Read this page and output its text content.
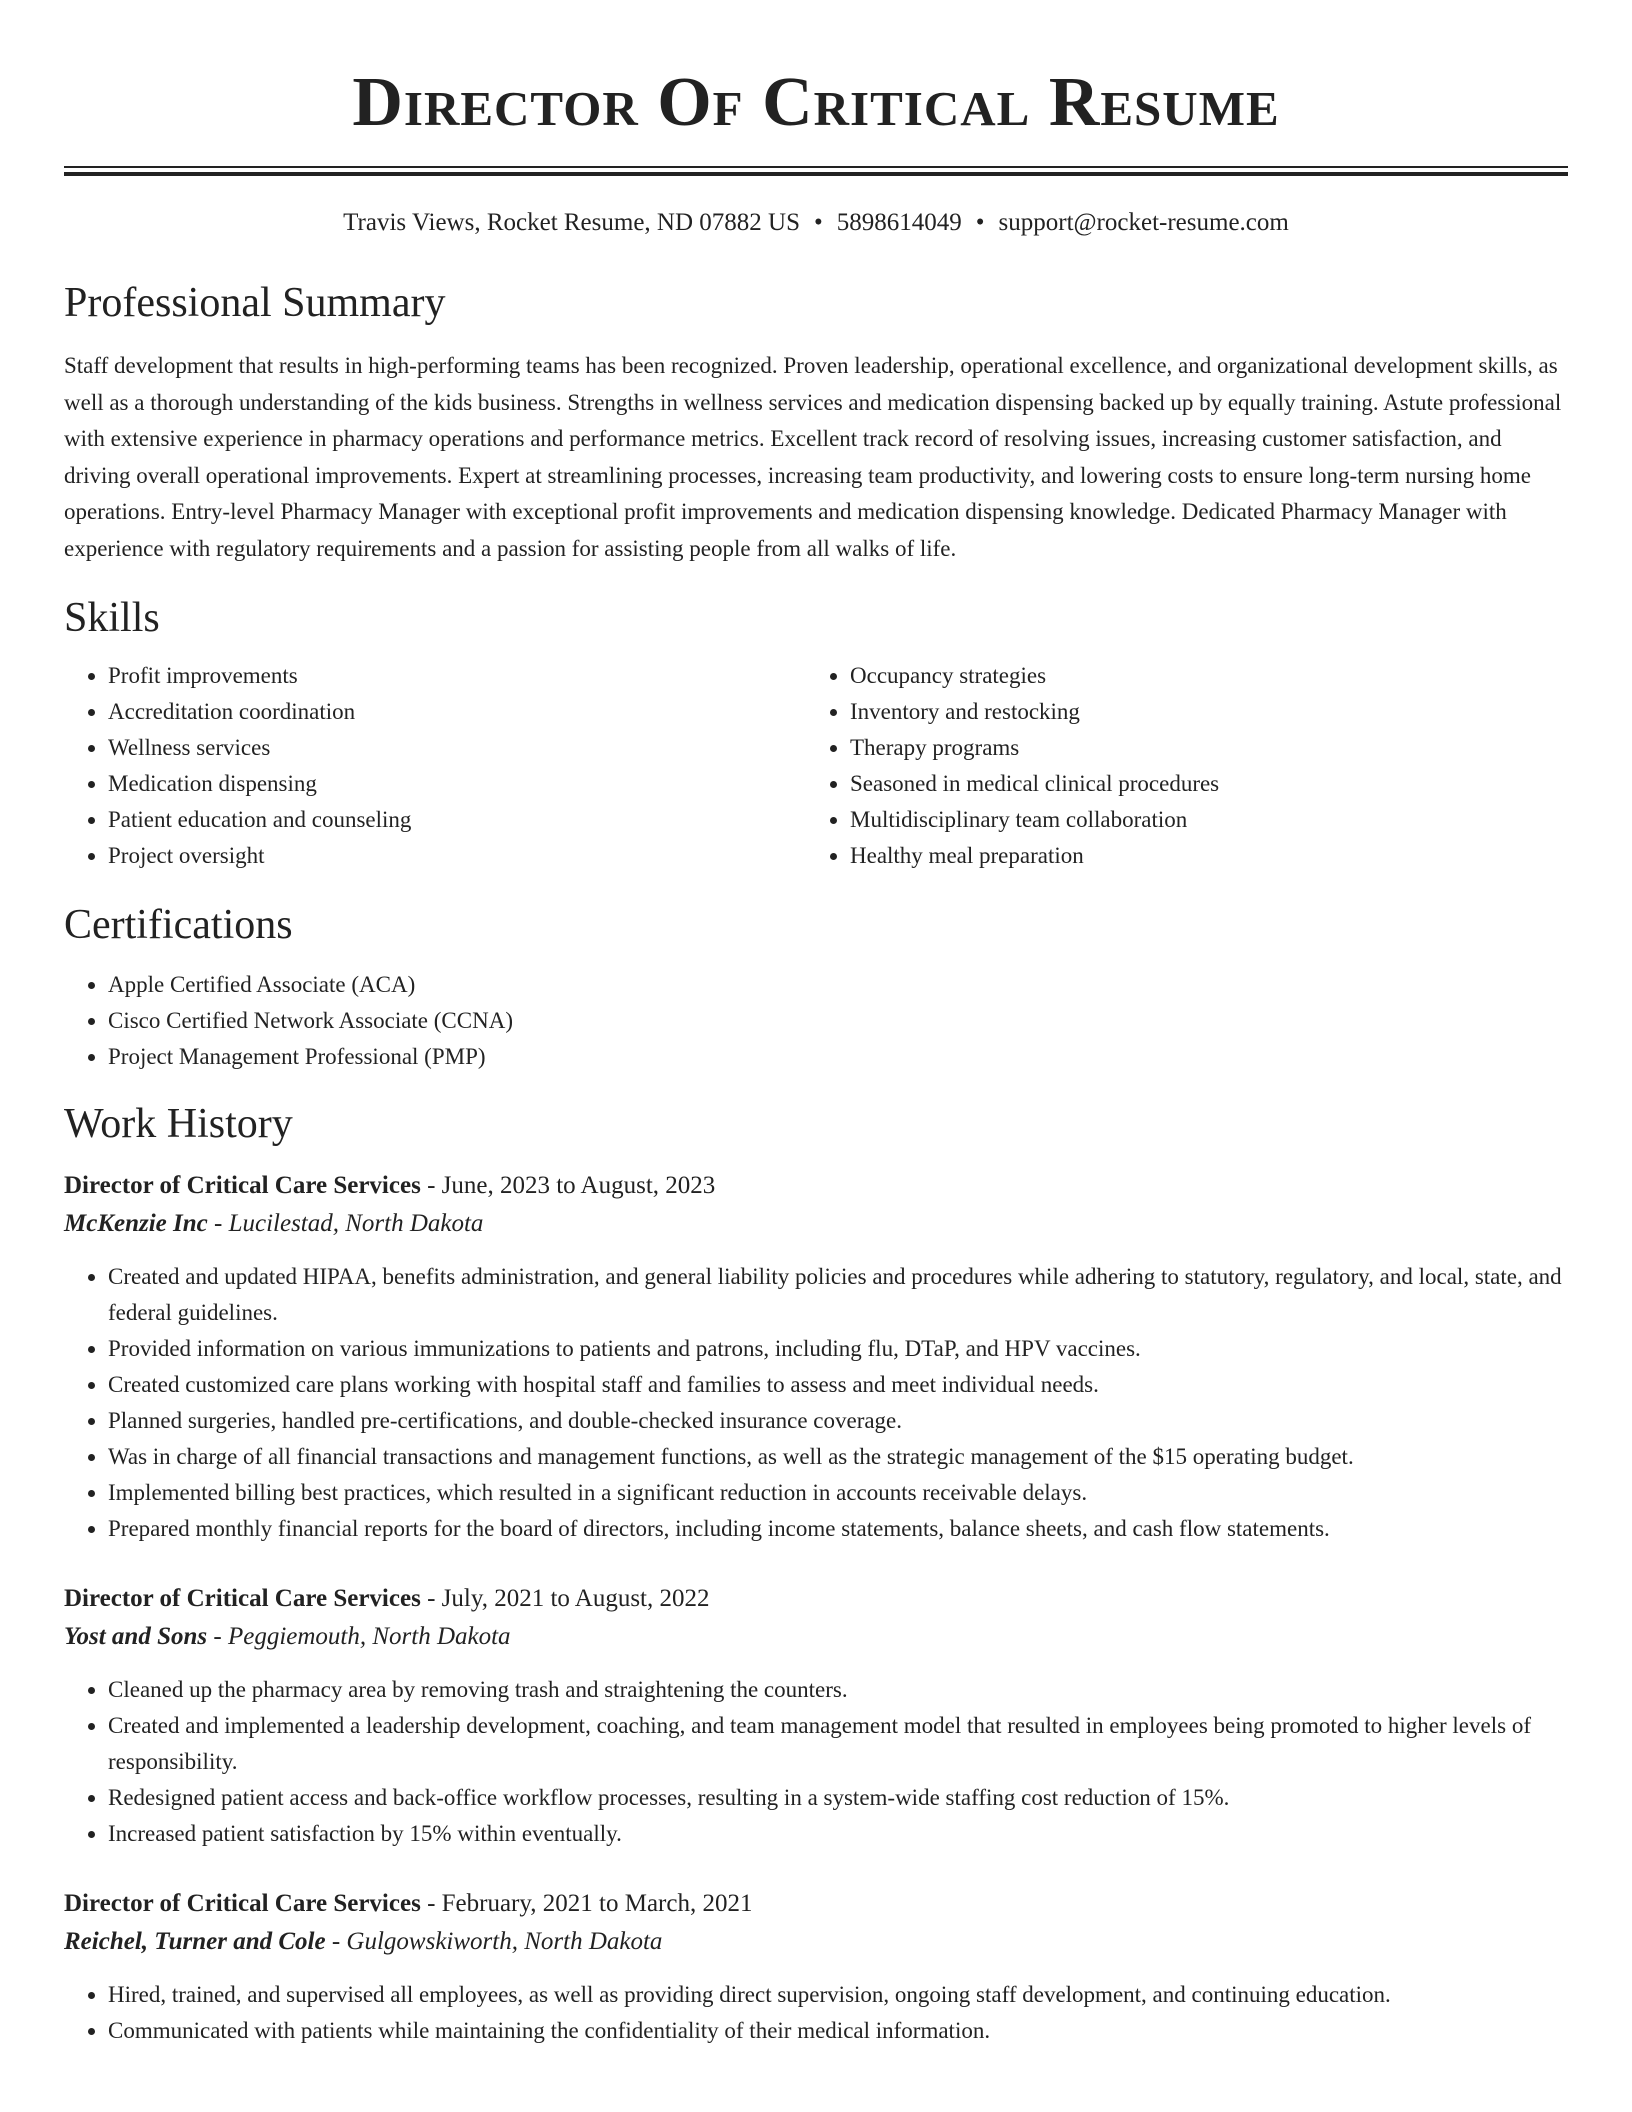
Director Of Critical Resume
Travis Views, Rocket Resume, ND 07882 US • 5898614049 • support@rocket-resume.com
Professional Summary

Staff development that results in high-performing teams has been recognized. Proven leadership, operational excellence, and organizational development skills, as well as a thorough understanding of the kids business. Strengths in wellness services and medication dispensing backed up by equally training. Astute professional with extensive experience in pharmacy operations and performance metrics. Excellent track record of resolving issues, increasing customer satisfaction, and driving overall operational improvements. Expert at streamlining processes, increasing team productivity, and lowering costs to ensure long-term nursing home operations. Entry-level Pharmacy Manager with exceptional profit improvements and medication dispensing knowledge. Dedicated Pharmacy Manager with experience with regulatory requirements and a passion for assisting people from all walks of life.

Skills
• Profit improvements
• Accreditation coordination
• Wellness services
• Medication dispensing
• Patient education and counseling
• Project oversight
• Occupancy strategies
• Inventory and restocking
• Therapy programs
• Seasoned in medical clinical procedures
• Multidisciplinary team collaboration
• Healthy meal preparation
Certifications
• Apple Certified Associate (ACA)
• Cisco Certified Network Associate (CCNA)
• Project Management Professional (PMP)
Work History
Director of Critical Care Services - June, 2023 to August, 2023
McKenzie Inc - Lucilestad, North Dakota
• Created and updated HIPAA, benefits administration, and general liability policies and procedures while adhering to statutory, regulatory, and local, state, and federal guidelines.
• Provided information on various immunizations to patients and patrons, including flu, DTaP, and HPV vaccines.
• Created customized care plans working with hospital staff and families to assess and meet individual needs.
• Planned surgeries, handled pre-certifications, and double-checked insurance coverage.
• Was in charge of all financial transactions and management functions, as well as the strategic management of the $15 operating budget.
• Implemented billing best practices, which resulted in a significant reduction in accounts receivable delays.
• Prepared monthly financial reports for the board of directors, including income statements, balance sheets, and cash flow statements.
Director of Critical Care Services - July, 2021 to August, 2022
Yost and Sons - Peggiemouth, North Dakota
• Cleaned up the pharmacy area by removing trash and straightening the counters.
• Created and implemented a leadership development, coaching, and team management model that resulted in employees being promoted to higher levels of responsibility.
• Redesigned patient access and back-office workflow processes, resulting in a system-wide staffing cost reduction of 15%.
• Increased patient satisfaction by 15% within eventually.
Director of Critical Care Services - February, 2021 to March, 2021
Reichel, Turner and Cole - Gulgowskiworth, North Dakota
• Hired, trained, and supervised all employees, as well as providing direct supervision, ongoing staff development, and continuing education.
• Communicated with patients while maintaining the confidentiality of their medical information.
